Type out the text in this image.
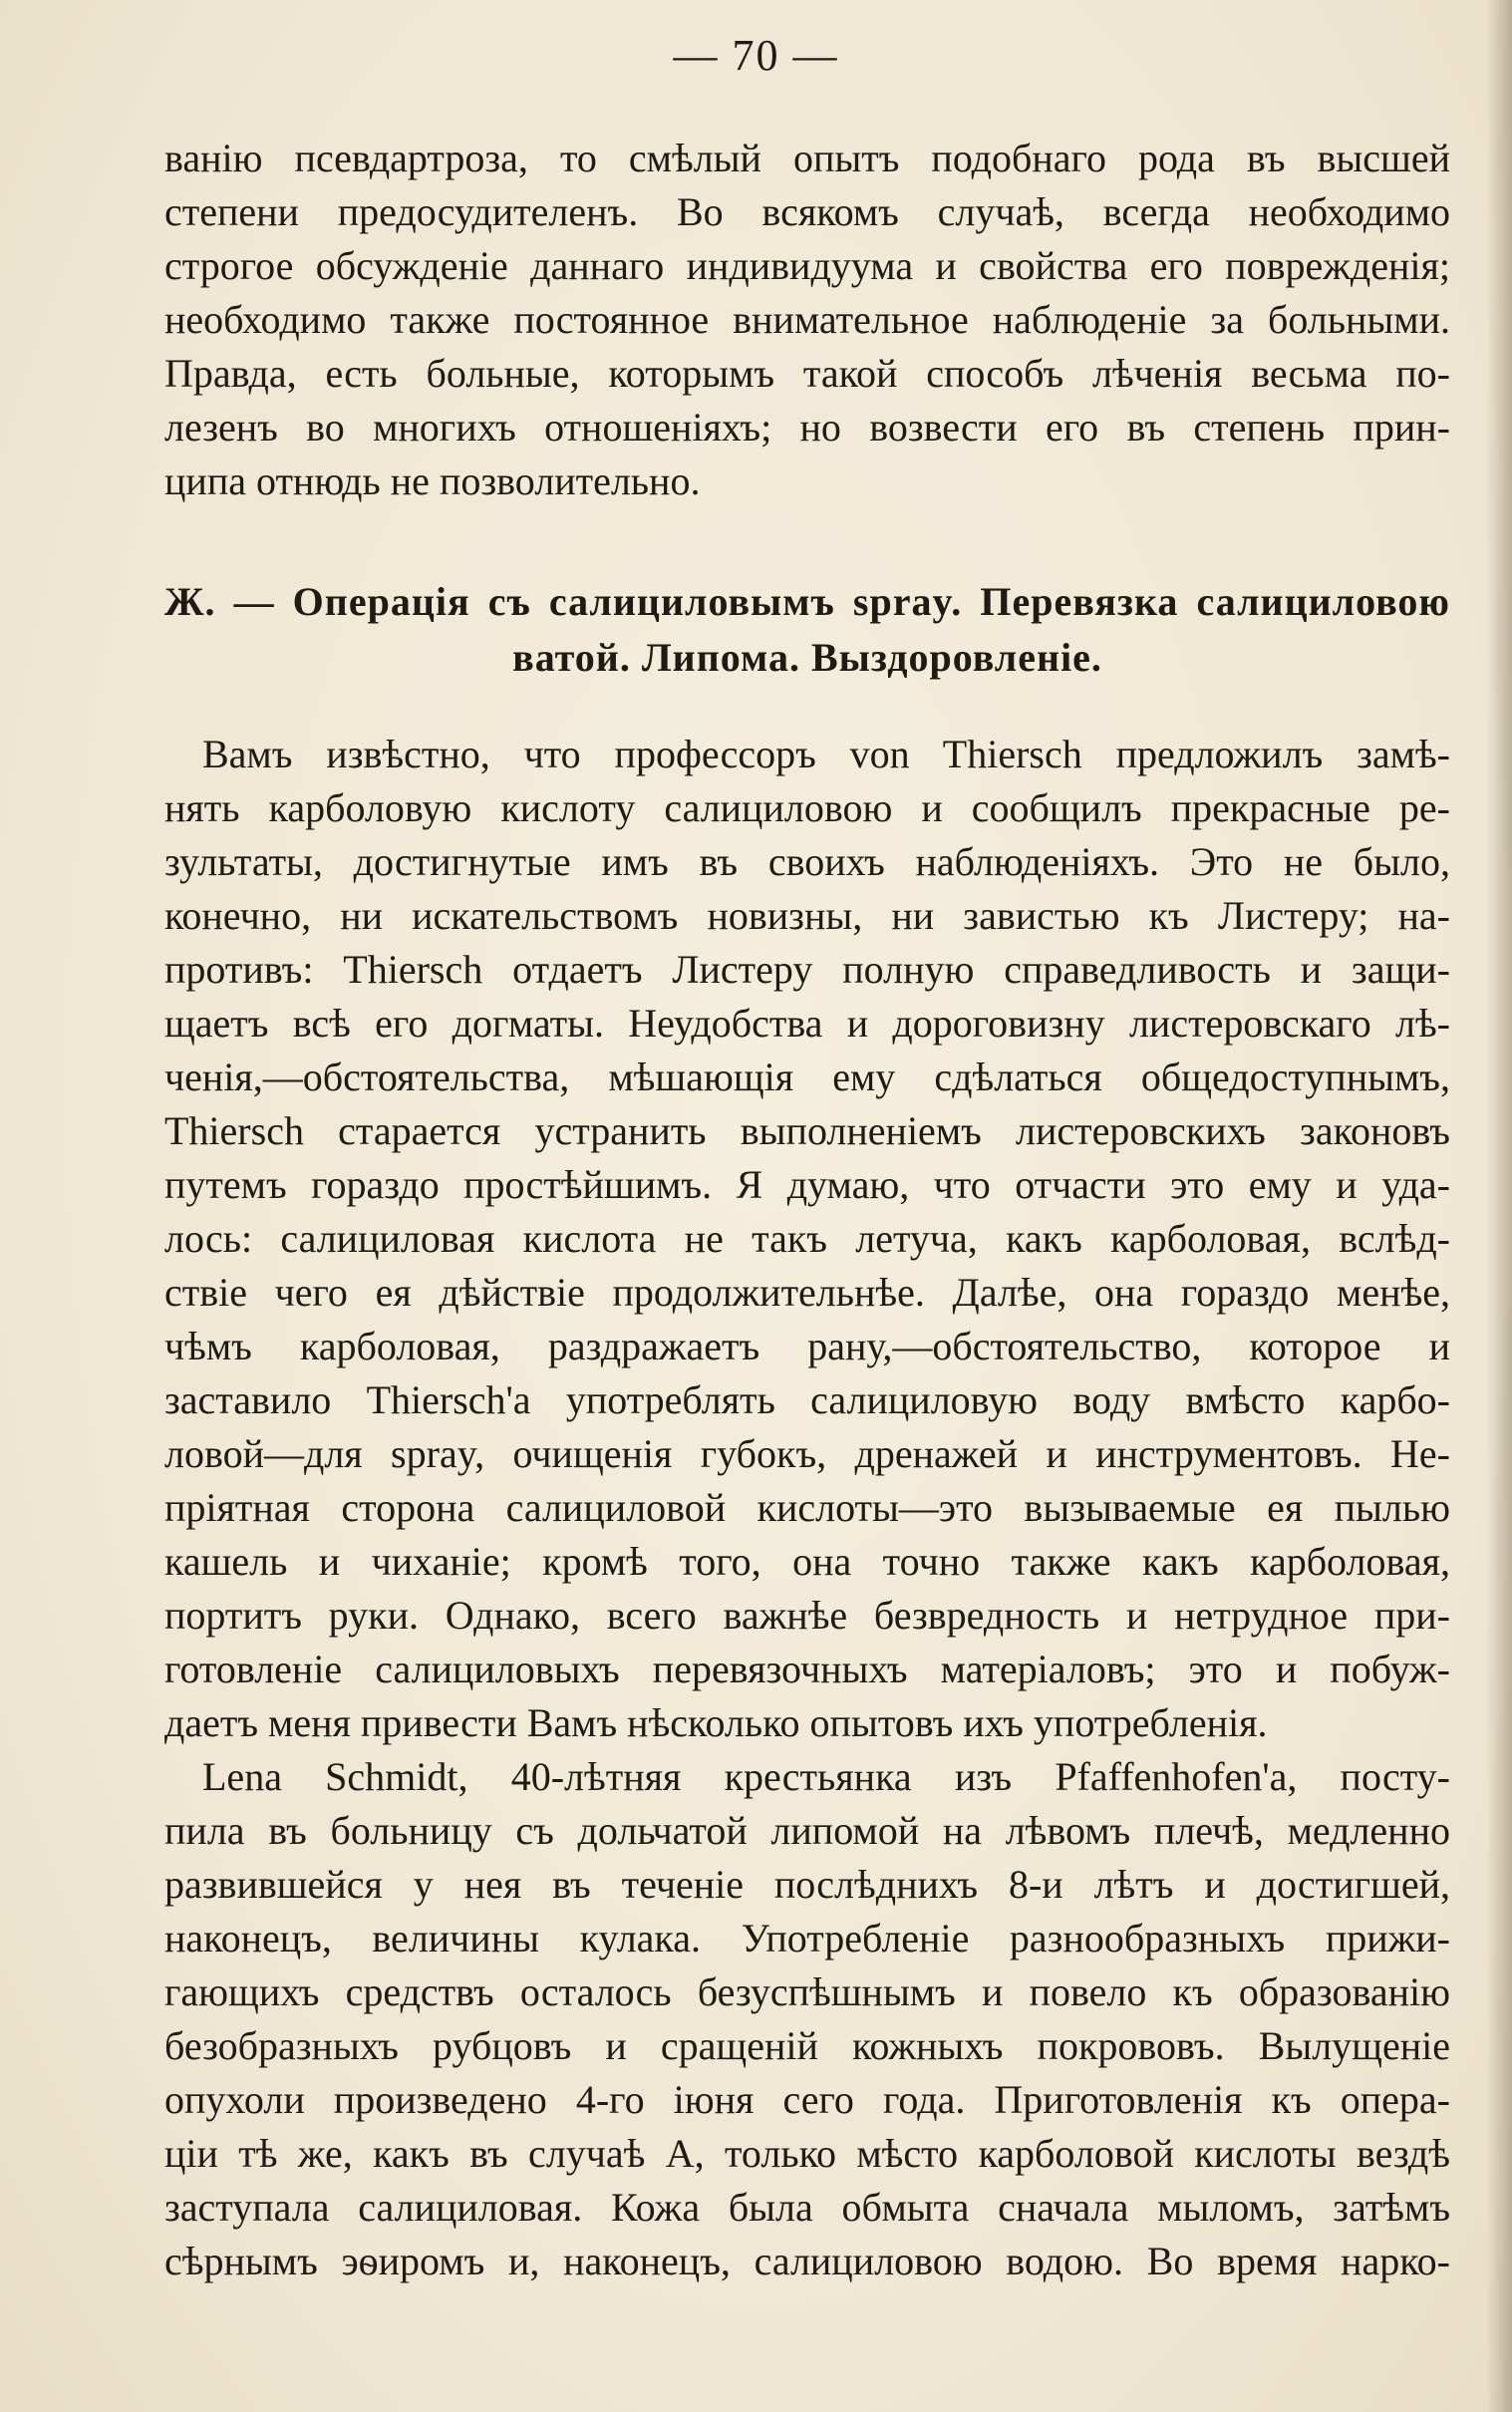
— 70 —
ванію псевдартроза, то смѣлый опытъ подобнаго рода въ высшей
степени предосудителенъ. Во всякомъ случаѣ, всегда необходимо
строгое обсужденіе даннаго индивидуума и свойства его поврежденія;
необходимо также постоянное внимательное наблюденіе за больными.
Правда, есть больные, которымъ такой способъ лѣченія весьма по-
лезенъ во многихъ отношеніяхъ; но возвести его въ степень прин-
ципа отнюдь не позволительно.
Ж. — Операція съ салициловымъ spray. Перевязка салициловою
ватой. Липома. Выздоровленіе.
Вамъ извѣстно, что профессоръ von Thiersch предложилъ замѣ-
нять карболовую кислоту салициловою и сообщилъ прекрасные ре-
зультаты, достигнутые имъ въ своихъ наблюденіяхъ. Это не было,
конечно, ни искательствомъ новизны, ни завистью къ Листеру; на-
противъ: Thiersch отдаетъ Листеру полную справедливость и защи-
щаетъ всѣ его догматы. Неудобства и дороговизну листеровскаго лѣ-
ченія,—обстоятельства, мѣшающія ему сдѣлаться общедоступнымъ,
Thiersch старается устранить выполненіемъ листеровскихъ законовъ
путемъ гораздо простѣйшимъ. Я думаю, что отчасти это ему и уда-
лось: салициловая кислота не такъ летуча, какъ карболовая, вслѣд-
ствіе чего ея дѣйствіе продолжительнѣе. Далѣе, она гораздо менѣе,
чѣмъ карболовая, раздражаетъ рану,—обстоятельство, которое и
заставило Thiersch'а употреблять салициловую воду вмѣсто карбо-
ловой—для spray, очищенія губокъ, дренажей и инструментовъ. Не-
пріятная сторона салициловой кислоты—это вызываемые ея пылью
кашель и чиханіе; кромѣ того, она точно также какъ карболовая,
портитъ руки. Однако, всего важнѣе безвредность и нетрудное при-
готовленіе салициловыхъ перевязочныхъ матеріаловъ; это и побуж-
даетъ меня привести Вамъ нѣсколько опытовъ ихъ употребленія.
Lena Schmidt, 40-лѣтняя крестьянка изъ Pfaffenhofen'а, посту-
пила въ больницу съ дольчатой липомой на лѣвомъ плечѣ, медленно
развившейся у нея въ теченіе послѣднихъ 8-и лѣтъ и достигшей,
наконецъ, величины кулака. Употребленіе разнообразныхъ прижи-
гающихъ средствъ осталось безуспѣшнымъ и повело къ образованію
безобразныхъ рубцовъ и сращеній кожныхъ покрововъ. Вылущеніе
опухоли произведено 4-го іюня сего года. Приготовленія къ опера-
ціи тѣ же, какъ въ случаѣ А, только мѣсто карболовой кислоты вездѣ
заступала салициловая. Кожа была обмыта сначала мыломъ, затѣмъ
сѣрнымъ эѳиромъ и, наконецъ, салициловою водою. Во время нарко-
